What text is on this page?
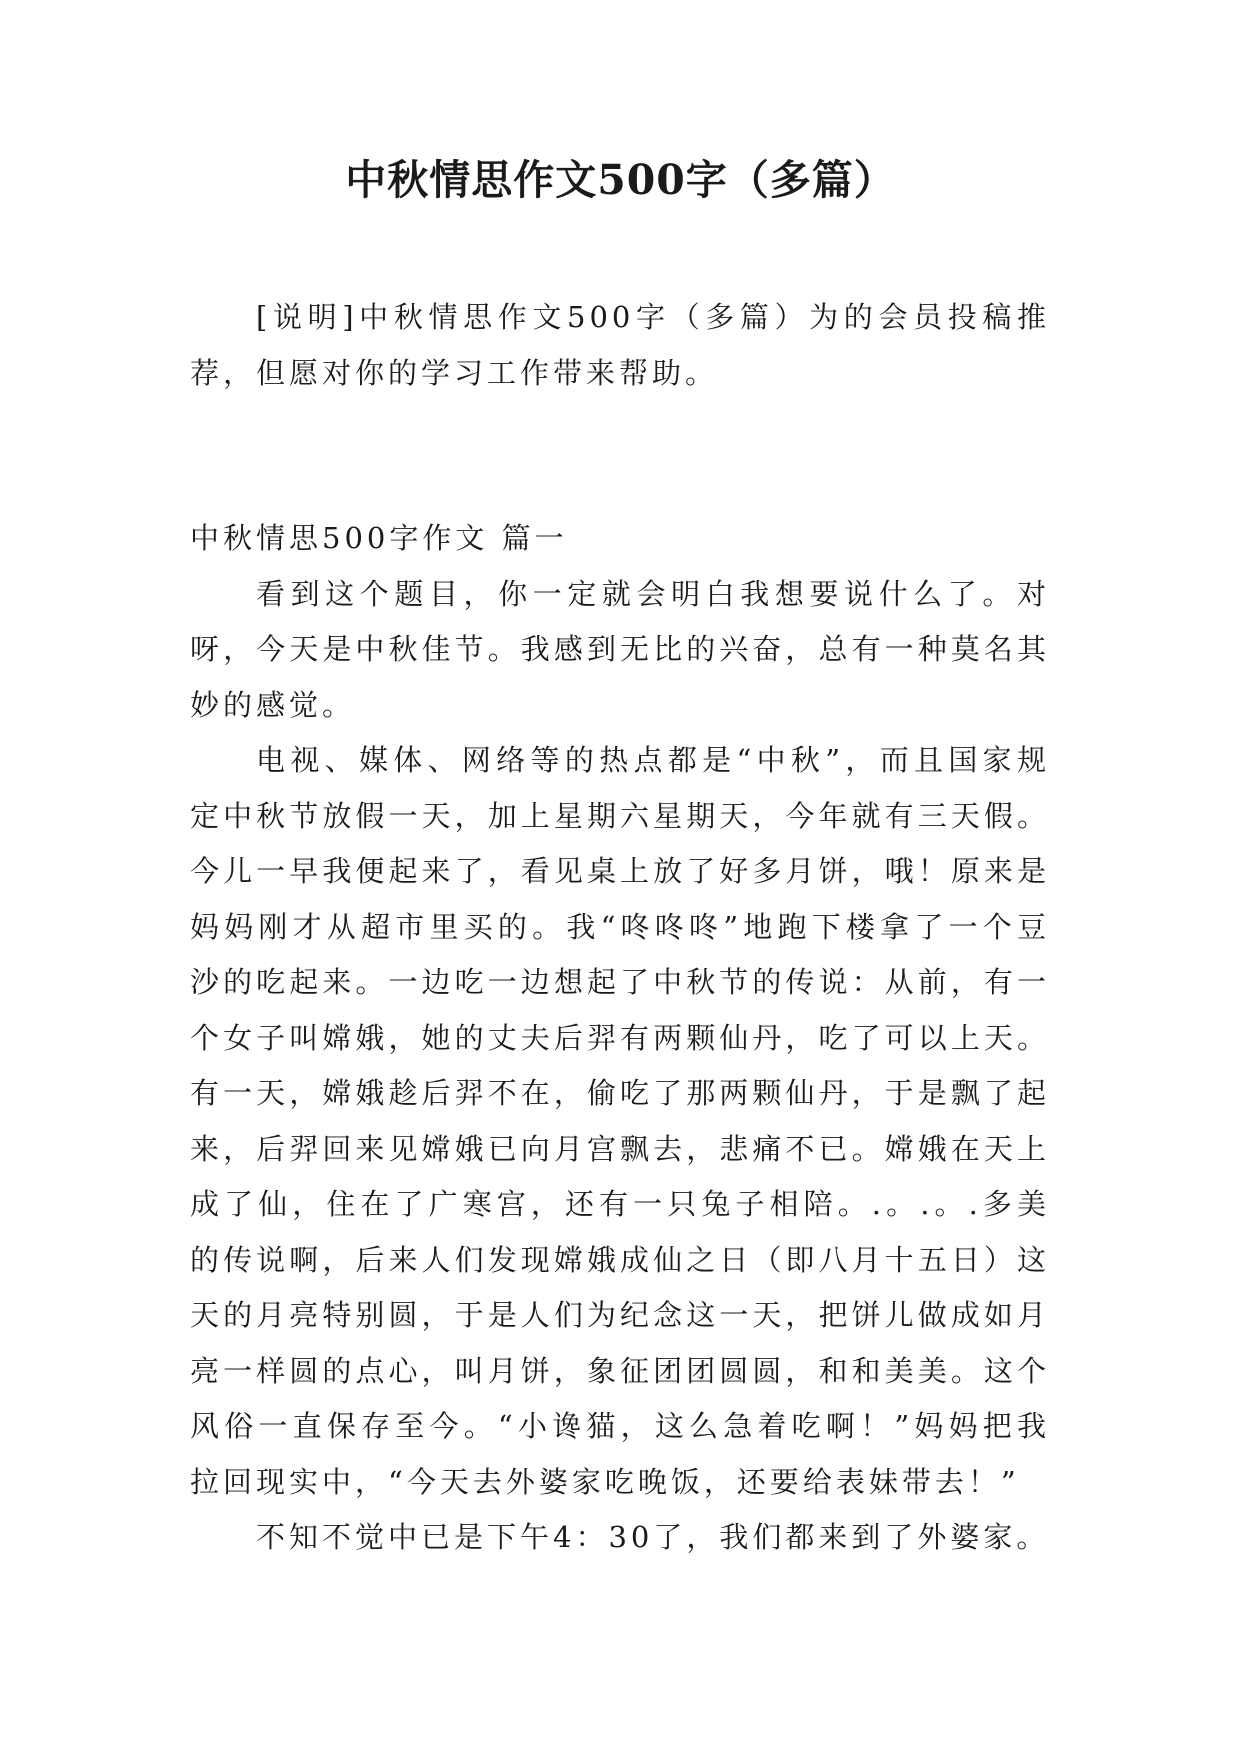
中秋情思作文500字（多篇）

[说明]中秋情思作文500字（多篇）为的会员投稿推荐，但愿对你的学习工作带来帮助。

中秋情思500字作文 篇一

看到这个题目，你一定就会明白我想要说什么了。对呀，今天是中秋佳节。我感到无比的兴奋，总有一种莫名其妙的感觉。

电视、媒体、网络等的热点都是“中秋”，而且国家规定中秋节放假一天，加上星期六星期天，今年就有三天假。今儿一早我便起来了，看见桌上放了好多月饼，哦！原来是妈妈刚才从超市里买的。我“咚咚咚”地跑下楼拿了一个豆沙的吃起来。一边吃一边想起了中秋节的传说：从前，有一个女子叫嫦娥，她的丈夫后羿有两颗仙丹，吃了可以上天。有一天，嫦娥趁后羿不在，偷吃了那两颗仙丹，于是飘了起来，后羿回来见嫦娥已向月宫飘去，悲痛不已。嫦娥在天上成了仙，住在了广寒宫，还有一只兔子相陪。.。.。.多美的传说啊，后来人们发现嫦娥成仙之日（即八月十五日）这天的月亮特别圆，于是人们为纪念这一天，把饼儿做成如月亮一样圆的点心，叫月饼，象征团团圆圆，和和美美。这个风俗一直保存至今。“小谗猫，这么急着吃啊！”妈妈把我拉回现实中，“今天去外婆家吃晚饭，还要给表妹带去！”

不知不觉中已是下午4：30了，我们都来到了外婆家。
